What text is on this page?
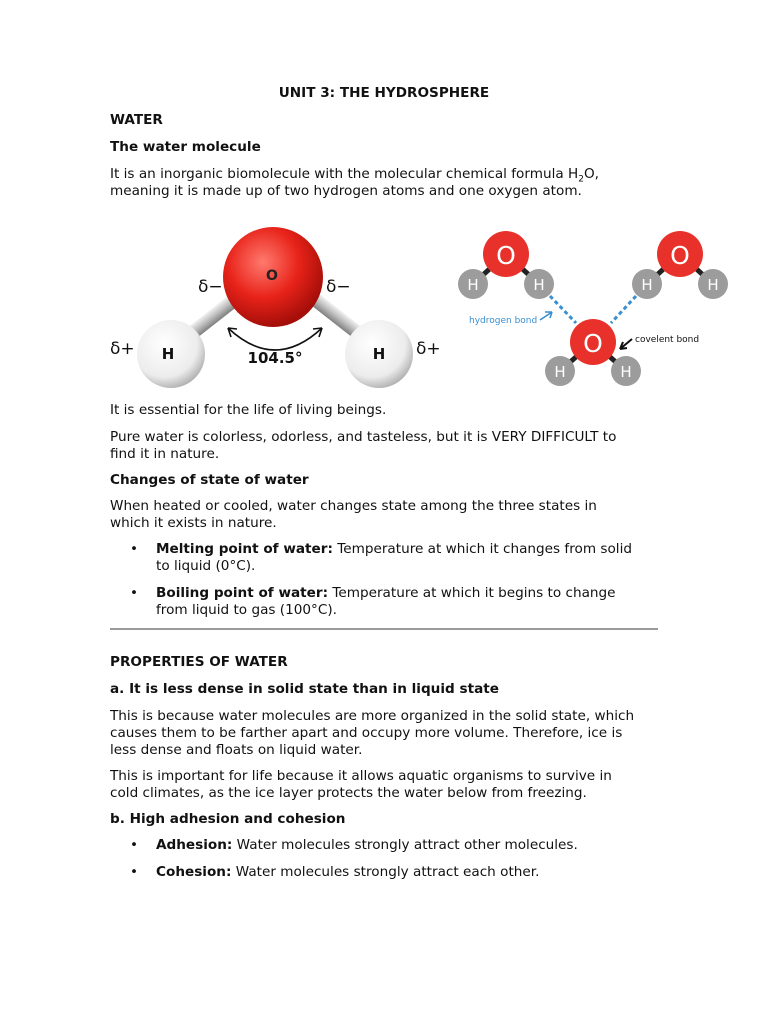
UNIT 3: THE HYDROSPHERE
WATER
The water molecule
It is an inorganic biomolecule with the molecular chemical formula $H_2O$,
meaning it is made up of two hydrogen atoms and one oxygen atom.
It is essential for the life of living beings.
Pure water is colorless, odorless, and tasteless, but it is VERY DIFFICULT to
find it in nature.
Changes of state of water
When heated or cooled, water changes state among the three states in
which it exists in nature.
• Melting point of water: Temperature at which it changes from solid
to liquid (0°C).
• Boiling point of water: Temperature at which it begins to change
from liquid to gas (100°C).
PROPERTIES OF WATER
a. It is less dense in solid state than in liquid state
This is because water molecules are more organized in the solid state, which
causes them to be farther apart and occupy more volume. Therefore, ice is
less dense and floats on liquid water.
This is important for life because it allows aquatic organisms to survive in
cold climates, as the ice layer protects the water below from freezing.
b. High adhesion and cohesion
• Adhesion: Water molecules strongly attract other molecules.
• Cohesion: Water molecules strongly attract each other.
O
H	H
δ−	δ−
δ+	δ+
104.5°
O
H	H
O
H	H
O
H	H
hydrogen bond
covelent bond
